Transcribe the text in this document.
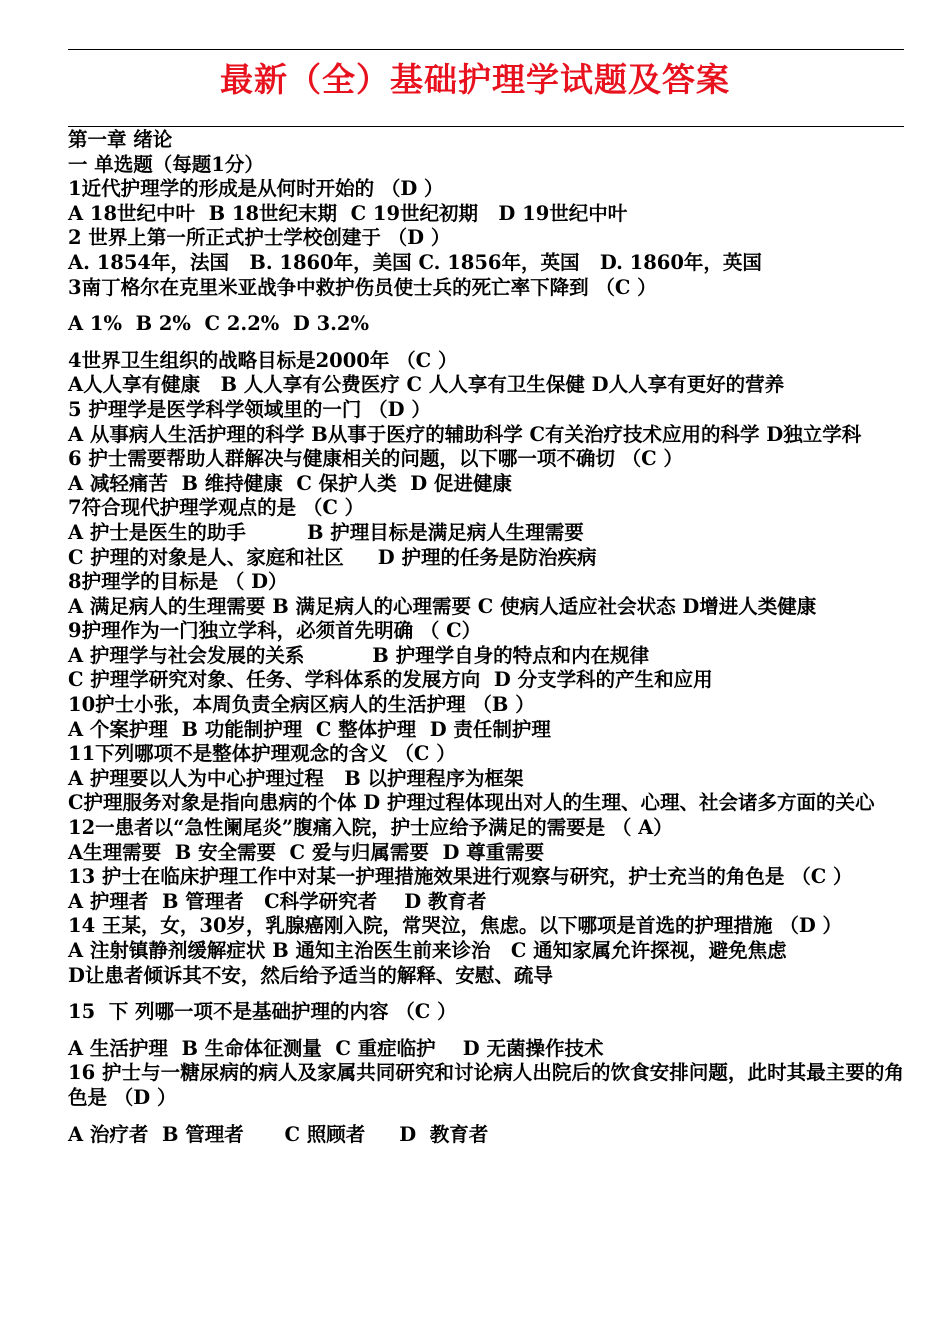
最新（全）基础护理学试题及答案
第一章 绪论
一 单选题（每题1分）
1近代护理学的形成是从何时开始的 （D ）
A 18世纪中叶  B 18世纪末期  C 19世纪初期   D 19世纪中叶
2 世界上第一所正式护士学校创建于 （D ）
A. 1854年，法国   B. 1860年，美国 C. 1856年，英国   D. 1860年，英国
3南丁格尔在克里米亚战争中救护伤员使士兵的死亡率下降到 （C ）
A 1%  B 2%  C 2.2%  D 3.2%
4世界卫生组织的战略目标是2000年 （C ）
A人人享有健康   B 人人享有公费医疗 C 人人享有卫生保健 D人人享有更好的营养
5 护理学是医学科学领域里的一门 （D ）
A 从事病人生活护理的科学 B从事于医疗的辅助科学 C有关治疗技术应用的科学 D独立学科
6 护士需要帮助人群解决与健康相关的问题，以下哪一项不确切 （C ）
A 减轻痛苦  B 维持健康  C 保护人类  D 促进健康
7符合现代护理学观点的是 （C ）
A 护士是医生的助手         B 护理目标是满足病人生理需要
C 护理的对象是人、家庭和社区     D 护理的任务是防治疾病
8护理学的目标是 （ D）
A 满足病人的生理需要 B 满足病人的心理需要 C 使病人适应社会状态 D增进人类健康
9护理作为一门独立学科，必须首先明确 （ C）
A 护理学与社会发展的关系          B 护理学自身的特点和内在规律
C 护理学研究对象、任务、学科体系的发展方向  D 分支学科的产生和应用
10护士小张，本周负责全病区病人的生活护理 （B ）
A 个案护理  B 功能制护理  C 整体护理  D 责任制护理
11下列哪项不是整体护理观念的含义 （C ）
A 护理要以人为中心护理过程   B 以护理程序为框架
C护理服务对象是指向患病的个体 D 护理过程体现出对人的生理、心理、社会诸多方面的关心
12一患者以“急性阑尾炎”腹痛入院，护士应给予满足的需要是 （ A）
A生理需要  B 安全需要  C 爱与归属需要  D 尊重需要
13 护士在临床护理工作中对某一护理措施效果进行观察与研究，护士充当的角色是 （C ）
A 护理者  B 管理者   C科学研究者    D 教育者
14 王某，女，30岁，乳腺癌刚入院，常哭泣，焦虑。以下哪项是首选的护理措施 （D ）
A 注射镇静剂缓解症状 B 通知主治医生前来诊治   C 通知家属允许探视，避免焦虑
D让患者倾诉其不安，然后给予适当的解释、安慰、疏导
15  下 列哪一项不是基础护理的内容 （C ）
A 生活护理  B 生命体征测量  C 重症临护    D 无菌操作技术
16 护士与一糖尿病的病人及家属共同研究和讨论病人出院后的饮食安排问题，此时其最主要的角色是 （D ）
A 治疗者  B 管理者      C 照顾者     D  教育者
